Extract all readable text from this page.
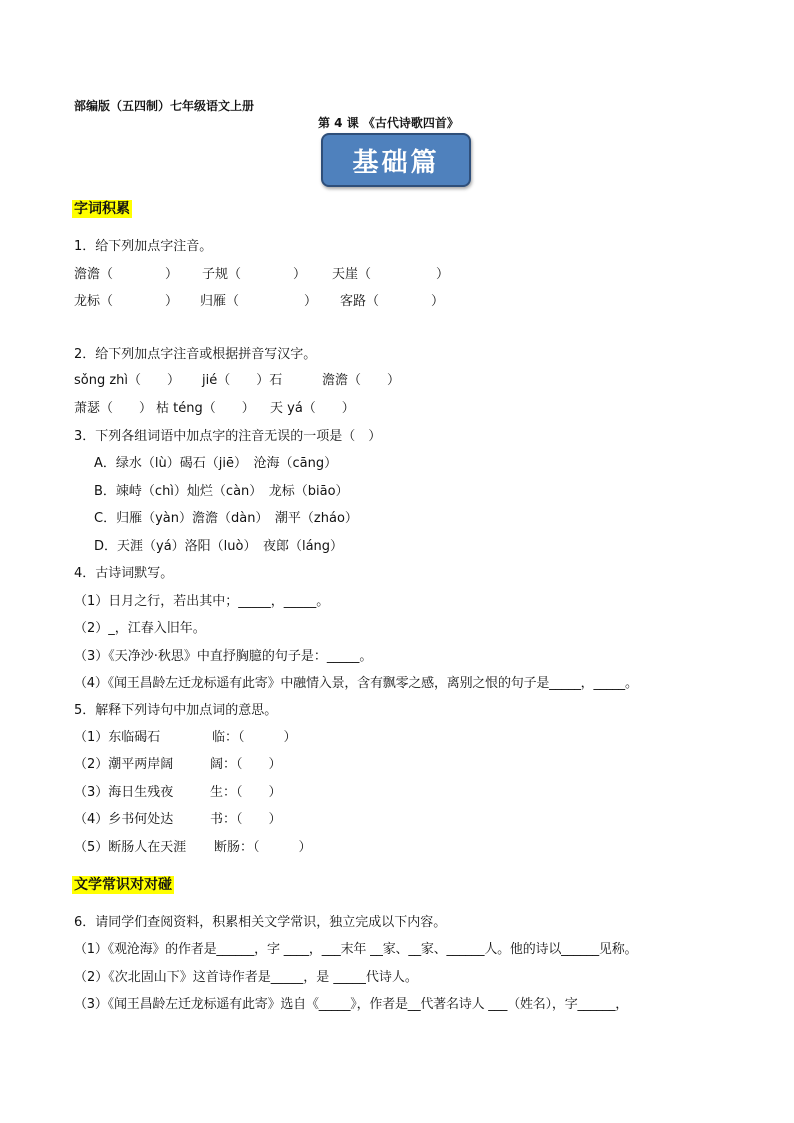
部编版（五四制）七年级语文上册
第 4 课 《古代诗歌四首》
基础篇
字词积累
1．给下列加点字注音。
澹澹（　　　　） 子规（　　　　） 天崖（　　　　　）
龙标（　　　　） 归雁（　　　　　） 客路（　　　　）
2．给下列加点字注音或根据拼音写汉字。
sǒng zhì（　　） jié（　　）石	澹澹（　　）
萧瑟（　　） 枯 téng（　　） 天 yá（　　）
3．下列各组词语中加点字的注音无误的一项是（　）
A．绿水（lù）碣石（jiē）　沧海（cāng）
B．竦峙（chì）灿烂（càn）　龙标（biāo）
C．归雁（yàn）澹澹（dàn）　潮平（zháo）
D．天涯（yá）洛阳（luò）　夜郎（láng）
4．古诗词默写。
（1）日月之行，若出其中；_____，_____。
（2）_，江春入旧年。
（3）《天净沙·秋思》中直抒胸臆的句子是：_____。
（4）《闻王昌龄左迁龙标遥有此寄》中融情入景，含有飘零之感，离别之恨的句子是_____，_____。
5．解释下列诗句中加点词的意思。
（1）东临碣石	临：（　　　）
（2）潮平两岸阔	阔：（　　）
（3）海日生残夜	生：（　　）
（4）乡书何处达	书：（　　）
（5）断肠人在天涯 断肠：（　　　）
文学常识对对碰
6．请同学们查阅资料，积累相关文学常识，独立完成以下内容。
（1）《观沧海》的作者是______，字 ____，___末年 __家、__家、______人。他的诗以______见称。
（2）《次北固山下》这首诗作者是_____，是 _____代诗人。
（3）《闻王昌龄左迁龙标遥有此寄》选自《_____》，作者是__代著名诗人 ___（姓名），字______，
